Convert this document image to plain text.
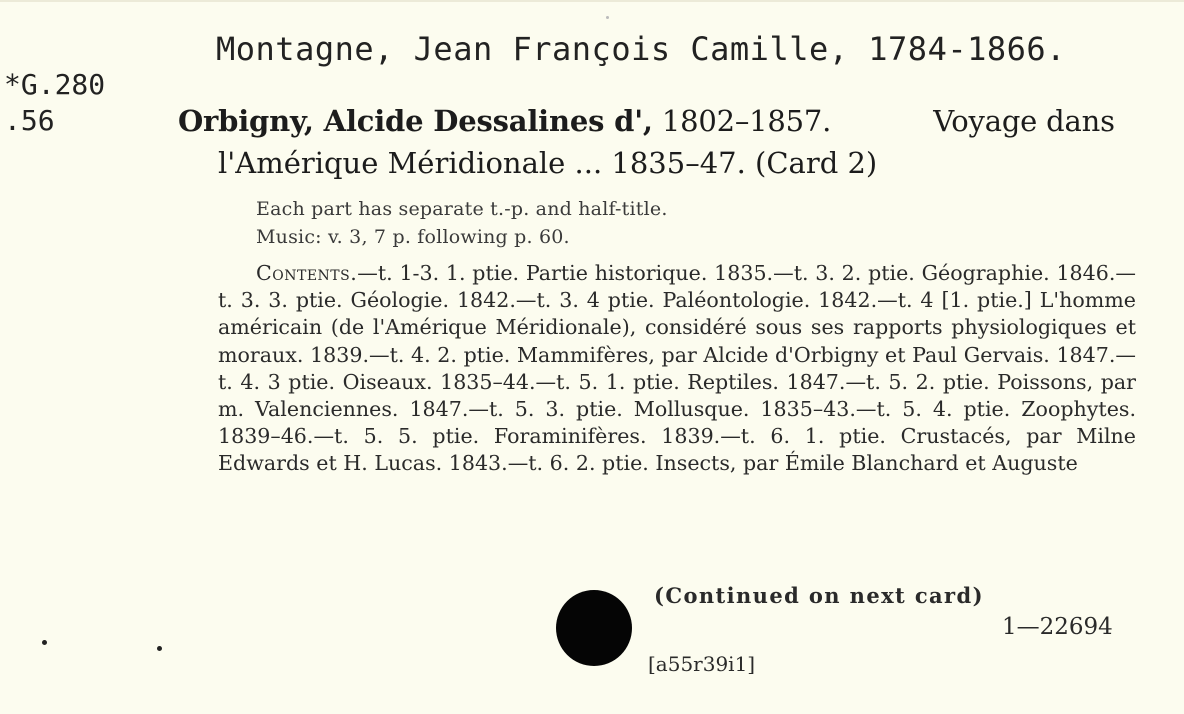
Montagne, Jean François Camille, 1784-1866.
*G.280
.56	Orbigny, Alcide Dessalines d', 1802–1857.	Voyage dans
l'Amérique Méridionale ... 1835–47. (Card 2)
Each part has separate t.-p. and half-title.
Music: v. 3, 7 p. following p. 60.
Contents.—t. 1-3. 1. ptie. Partie historique. 1835.—t. 3. 2. ptie. Géographie. 1846.—t. 3. 3. ptie. Géologie. 1842.—t. 3. 4 ptie. Paléontologie. 1842.—t. 4 [1. ptie.] L'homme américain (de l'Amérique Méridionale), considéré sous ses rapports physiologiques et moraux. 1839.—t. 4. 2. ptie. Mammifères, par Alcide d'Orbigny et Paul Gervais. 1847.—t. 4. 3 ptie. Oiseaux. 1835–44.—t. 5. 1. ptie. Reptiles. 1847.—t. 5. 2. ptie. Poissons, par m. Valenciennes. 1847.—t. 5. 3. ptie. Mollusque. 1835–43.—t. 5. 4. ptie. Zoophytes. 1839–46.—t. 5. 5. ptie. Foraminifères. 1839.—t. 6. 1. ptie. Crustacés, par Milne Edwards et H. Lucas. 1843.—t. 6. 2. ptie. Insects, par Émile Blanchard et Auguste
(Continued on next card)
1—22694
[a55r39i1]
